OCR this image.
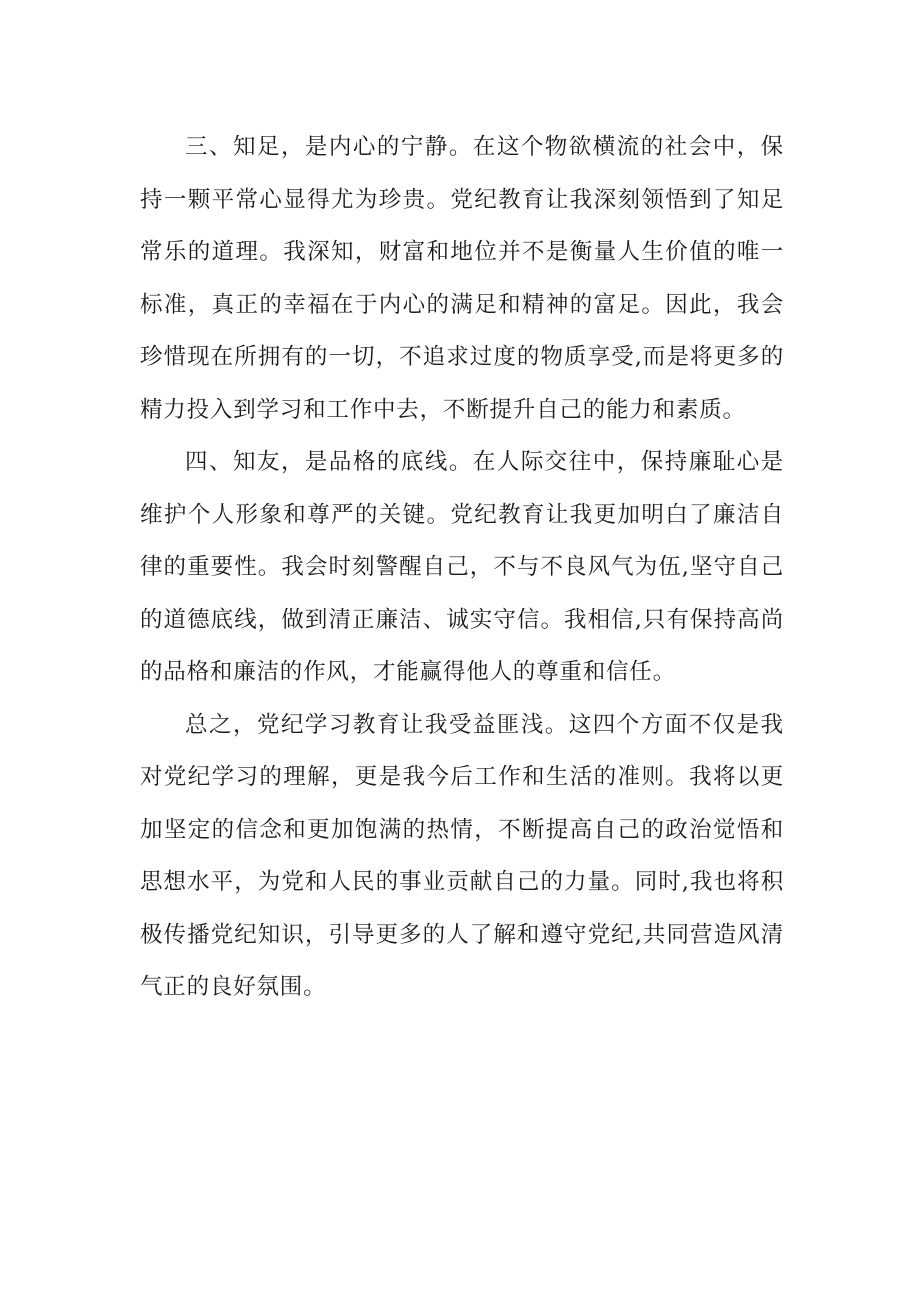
三、知足，是内心的宁静。在这个物欲横流的社会中，保持一颗平常心显得尤为珍贵。党纪教育让我深刻领悟到了知足常乐的道理。我深知，财富和地位并不是衡量人生价值的唯一标准，真正的幸福在于内心的满足和精神的富足。因此，我会珍惜现在所拥有的一切，不追求过度的物质享受,而是将更多的精力投入到学习和工作中去，不断提升自己的能力和素质。

四、知友，是品格的底线。在人际交往中，保持廉耻心是维护个人形象和尊严的关键。党纪教育让我更加明白了廉洁自律的重要性。我会时刻警醒自己，不与不良风气为伍,坚守自己的道德底线，做到清正廉洁、诚实守信。我相信,只有保持高尚的品格和廉洁的作风，才能赢得他人的尊重和信任。

总之，党纪学习教育让我受益匪浅。这四个方面不仅是我对党纪学习的理解，更是我今后工作和生活的准则。我将以更加坚定的信念和更加饱满的热情，不断提高自己的政治觉悟和思想水平，为党和人民的事业贡献自己的力量。同时,我也将积极传播党纪知识，引导更多的人了解和遵守党纪,共同营造风清气正的良好氛围。
